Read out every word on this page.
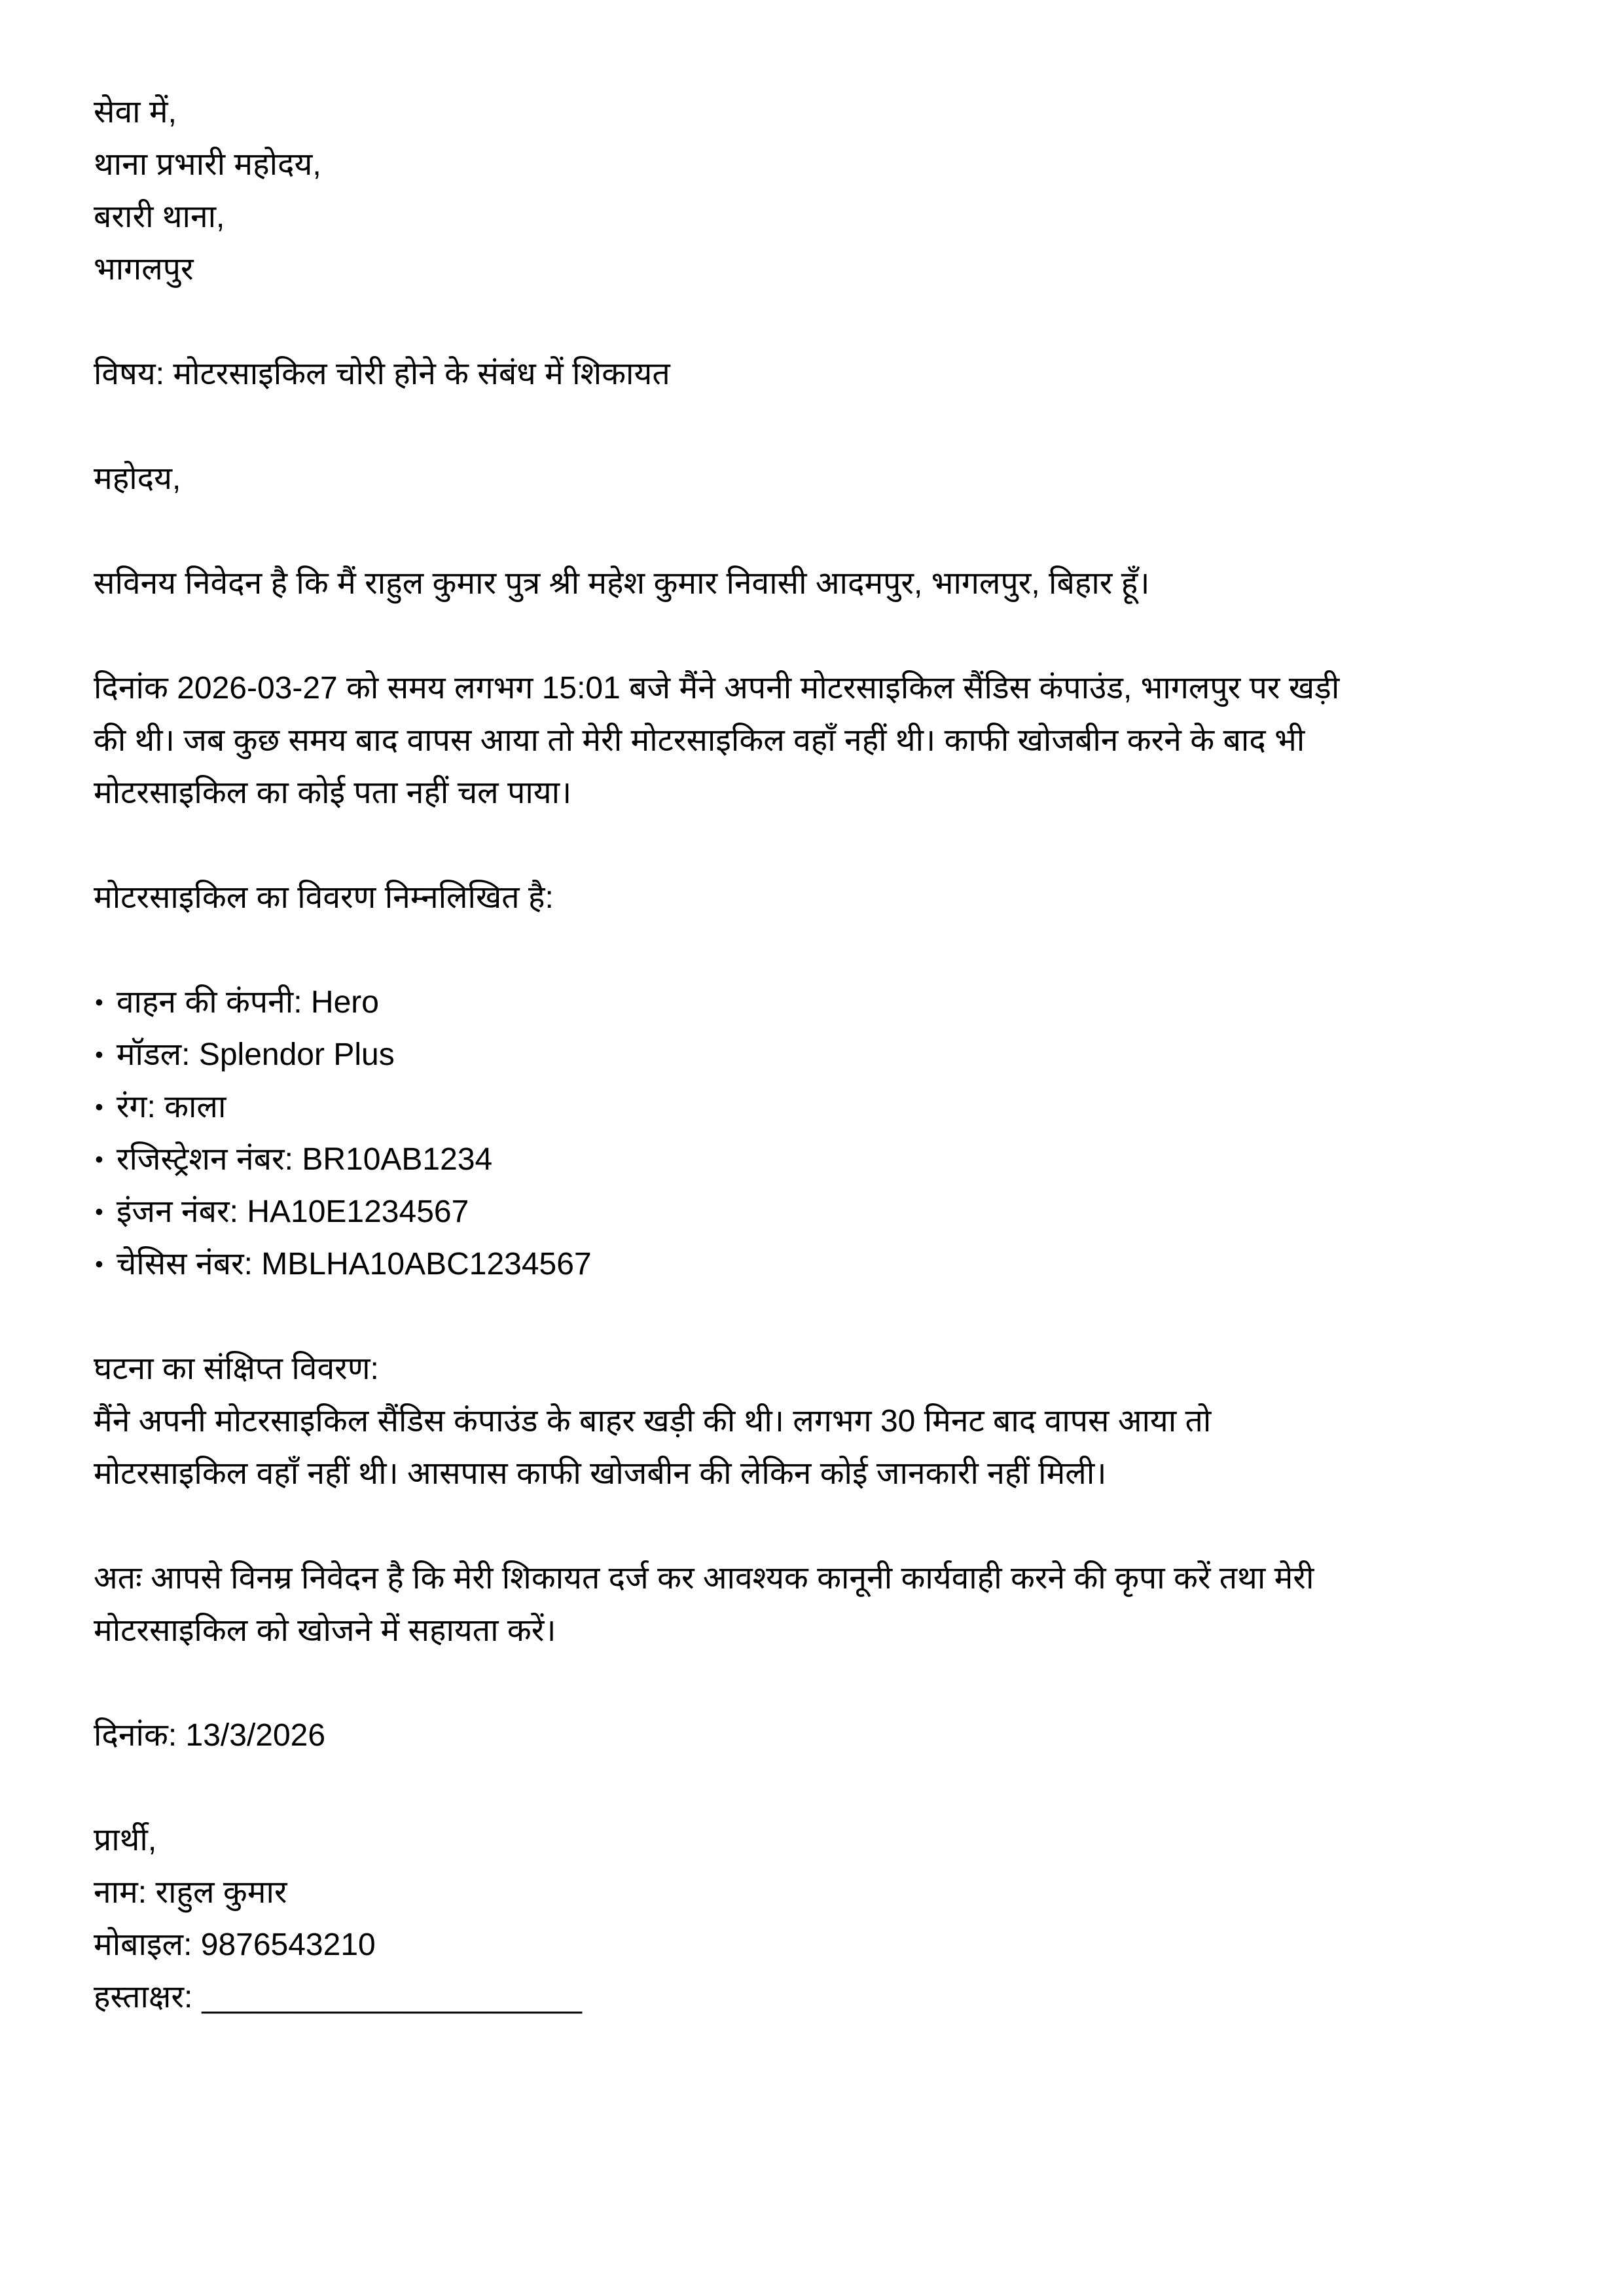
सेवा में,
थाना प्रभारी महोदय,
बरारी थाना,
भागलपुर
विषय: मोटरसाइकिल चोरी होने के संबंध में शिकायत
महोदय,
सविनय निवेदन है कि मैं राहुल कुमार पुत्र श्री महेश कुमार निवासी आदमपुर, भागलपुर, बिहार हूँ।
दिनांक 2026-03-27 को समय लगभग 15:01 बजे मैंने अपनी मोटरसाइकिल सैंडिस कंपाउंड, भागलपुर पर खड़ी
की थी। जब कुछ समय बाद वापस आया तो मेरी मोटरसाइकिल वहाँ नहीं थी। काफी खोजबीन करने के बाद भी
मोटरसाइकिल का कोई पता नहीं चल पाया।
मोटरसाइकिल का विवरण निम्नलिखित है:
• वाहन की कंपनी: Hero
• मॉडल: Splendor Plus
• रंग: काला
• रजिस्ट्रेशन नंबर: BR10AB1234
• इंजन नंबर: HA10E1234567
• चेसिस नंबर: MBLHA10ABC1234567
घटना का संक्षिप्त विवरण:
मैंने अपनी मोटरसाइकिल सैंडिस कंपाउंड के बाहर खड़ी की थी। लगभग 30 मिनट बाद वापस आया तो
मोटरसाइकिल वहाँ नहीं थी। आसपास काफी खोजबीन की लेकिन कोई जानकारी नहीं मिली।
अतः आपसे विनम्र निवेदन है कि मेरी शिकायत दर्ज कर आवश्यक कानूनी कार्यवाही करने की कृपा करें तथा मेरी
मोटरसाइकिल को खोजने में सहायता करें।
दिनांक: 13/3/2026
प्रार्थी,
नाम: राहुल कुमार
मोबाइल: 9876543210
हस्ताक्षर: _____________________
